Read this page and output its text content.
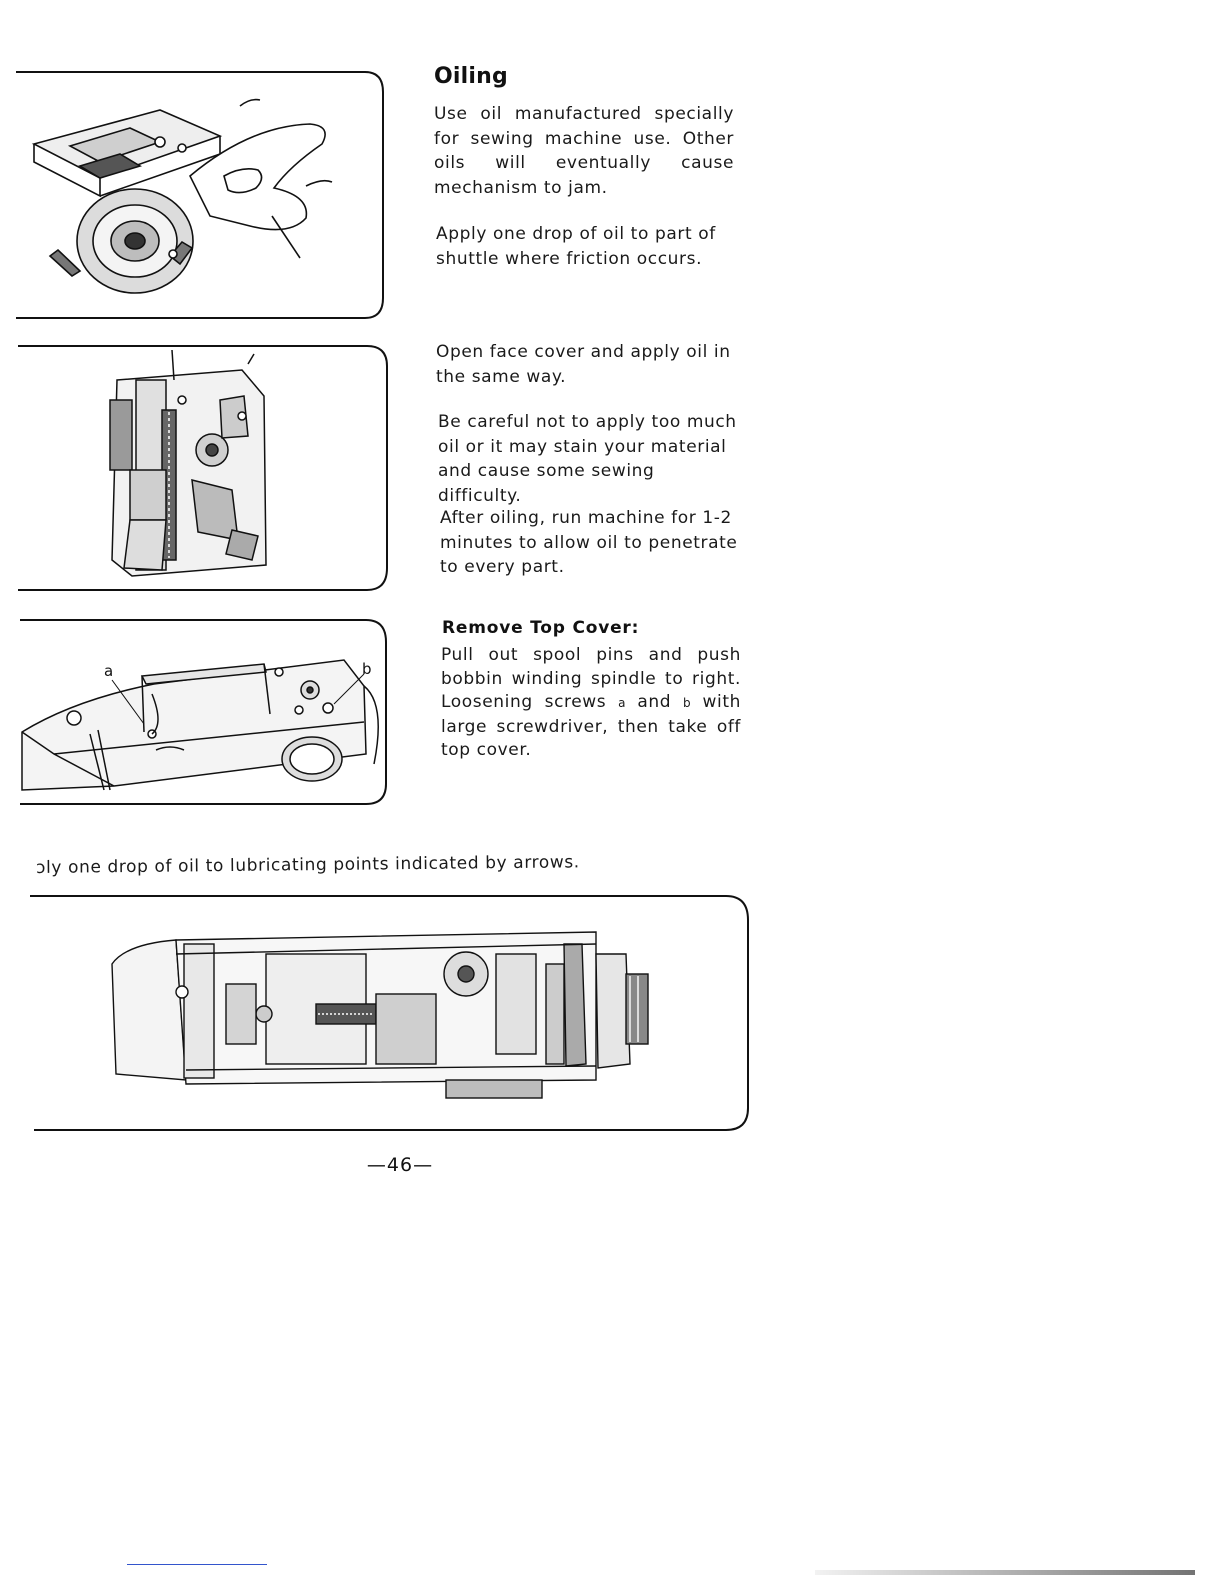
a	b
Oiling
Use oil manufactured specially for sewing machine use. Other oils will eventually cause mechanism to jam.
Apply one drop of oil to part of shuttle where friction occurs.
Open face cover and apply oil in the same way.
Be careful not to apply too much oil or it may stain your material and cause some sewing difficulty.
After oiling, run machine for 1-2 minutes to allow oil to penetrate to every part.
Remove Top Cover:
Pull out spool pins and push bobbin winding spindle to right. Loosening screws a and b with large screwdriver, then take off top cover.
ɔly one drop of oil to lubricating points indicated by arrows.
—46—
